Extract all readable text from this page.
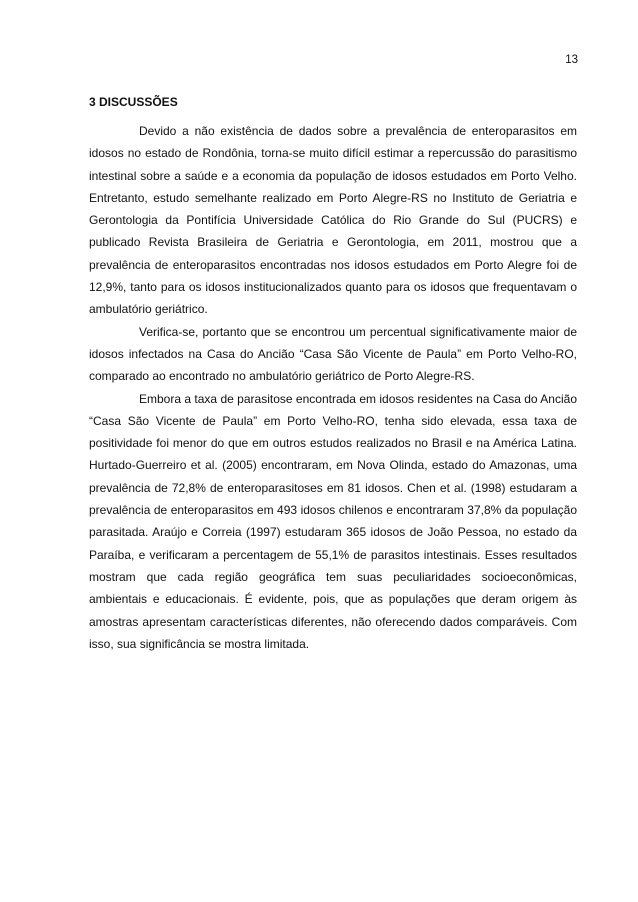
13
3 DISCUSSÕES

Devido a não existência de dados sobre a prevalência de enteroparasitos em idosos no estado de Rondônia, torna-se muito difícil estimar a repercussão do parasitismo intestinal sobre a saúde e a economia da população de idosos estudados em Porto Velho. Entretanto, estudo semelhante realizado em Porto Alegre-RS no Instituto de Geriatria e Gerontologia da Pontifícia Universidade Católica do Rio Grande do Sul (PUCRS) e publicado Revista Brasileira de Geriatria e Gerontologia, em 2011, mostrou que a prevalência de enteroparasitos encontradas nos idosos estudados em Porto Alegre foi de 12,9%, tanto para os idosos institucionalizados quanto para os idosos que frequentavam o ambulatório geriátrico.

Verifica-se, portanto que se encontrou um percentual significativamente maior de idosos infectados na Casa do Ancião “Casa São Vicente de Paula” em Porto Velho-RO, comparado ao encontrado no ambulatório geriátrico de Porto Alegre-RS.

Embora a taxa de parasitose encontrada em idosos residentes na Casa do Ancião “Casa São Vicente de Paula” em Porto Velho-RO, tenha sido elevada, essa taxa de positividade foi menor do que em outros estudos realizados no Brasil e na América Latina. Hurtado-Guerreiro et al. (2005) encontraram, em Nova Olinda, estado do Amazonas, uma prevalência de 72,8% de enteroparasitoses em 81 idosos. Chen et al. (1998) estudaram a prevalência de enteroparasitos em 493 idosos chilenos e encontraram 37,8% da população parasitada. Araújo e Correia (1997) estudaram 365 idosos de João Pessoa, no estado da Paraíba, e verificaram a percentagem de 55,1% de parasitos intestinais. Esses resultados mostram que cada região geográfica tem suas peculiaridades socioeconômicas, ambientais e educacionais. É evidente, pois, que as populações que deram origem às amostras apresentam características diferentes, não oferecendo dados comparáveis. Com isso, sua significância se mostra limitada.
